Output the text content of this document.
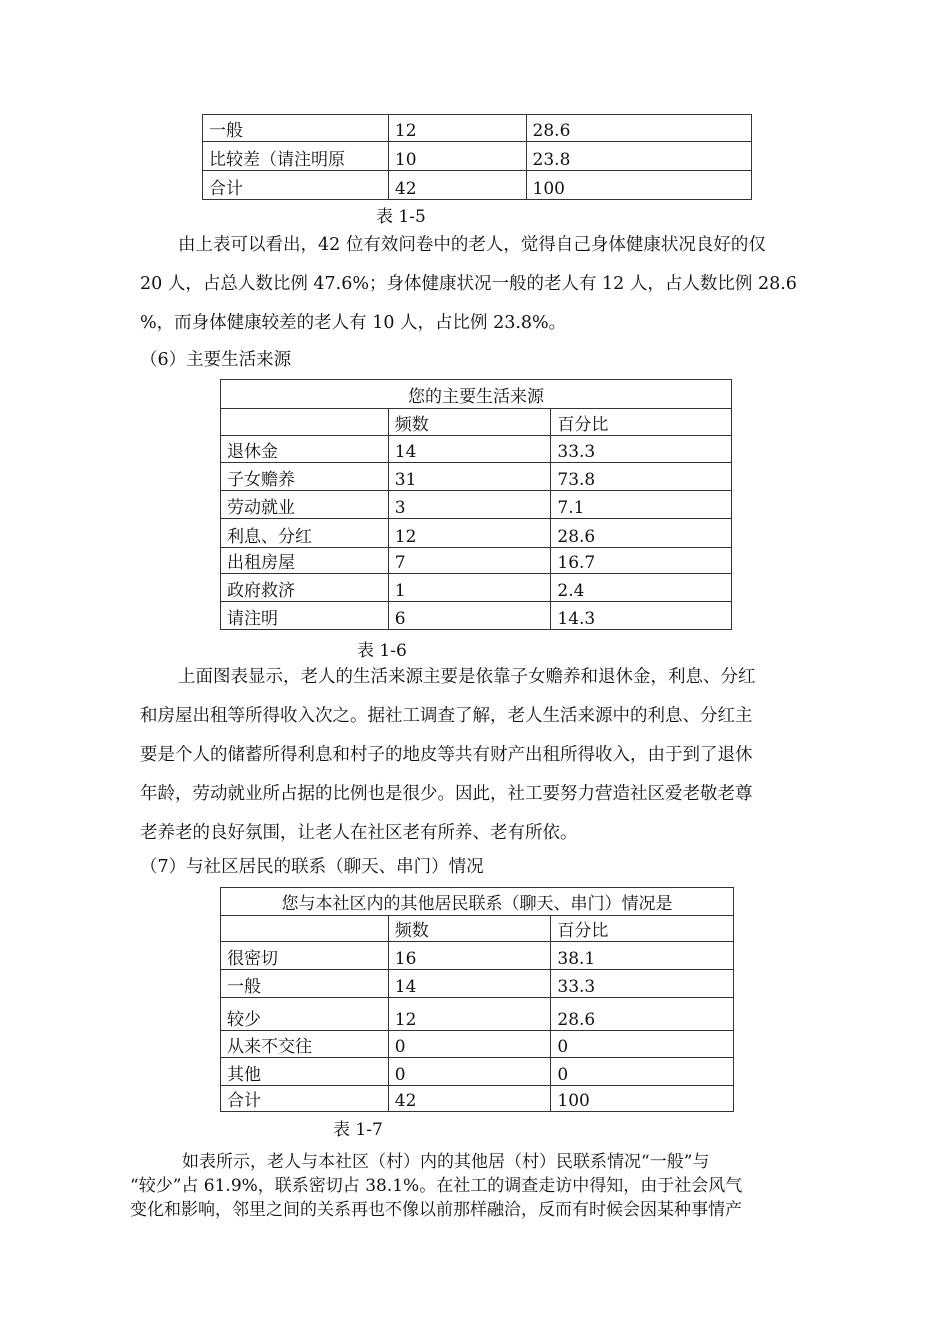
一般	12	28.6
比较差（请注明原	10	23.8
合计	42	100
表 1-5
由上表可以看出，42 位有效问卷中的老人，觉得自己身体健康状况良好的仅
20 人，占总人数比例 47.6%；身体健康状况一般的老人有 12 人，占人数比例 28.6
%，而身体健康较差的老人有 10 人，占比例 23.8%。
（6）主要生活来源
您的主要生活来源		
	频数	百分比
退休金	14	33.3
子女赡养	31	73.8
劳动就业	3	7.1
利息、分红	12	28.6
出租房屋	7	16.7
政府救济	1	2.4
请注明	6	14.3
表 1-6
上面图表显示，老人的生活来源主要是依靠子女赡养和退休金，利息、分红
和房屋出租等所得收入次之。据社工调查了解，老人生活来源中的利息、分红主
要是个人的储蓄所得利息和村子的地皮等共有财产出租所得收入，由于到了退休
年龄，劳动就业所占据的比例也是很少。因此，社工要努力营造社区爱老敬老尊
老养老的良好氛围，让老人在社区老有所养、老有所依。
（7）与社区居民的联系（聊天、串门）情况
您与本社区内的其他居民联系（聊天、串门）情况是		
	频数	百分比
很密切	16	38.1
一般	14	33.3
较少	12	28.6
从来不交往	0	0
其他	0	0
合计	42	100
表 1-7
如表所示，老人与本社区（村）内的其他居（村）民联系情况“一般”与
“较少”占 61.9%，联系密切占 38.1%。在社工的调查走访中得知，由于社会风气
变化和影响，邻里之间的关系再也不像以前那样融洽，反而有时候会因某种事情产
